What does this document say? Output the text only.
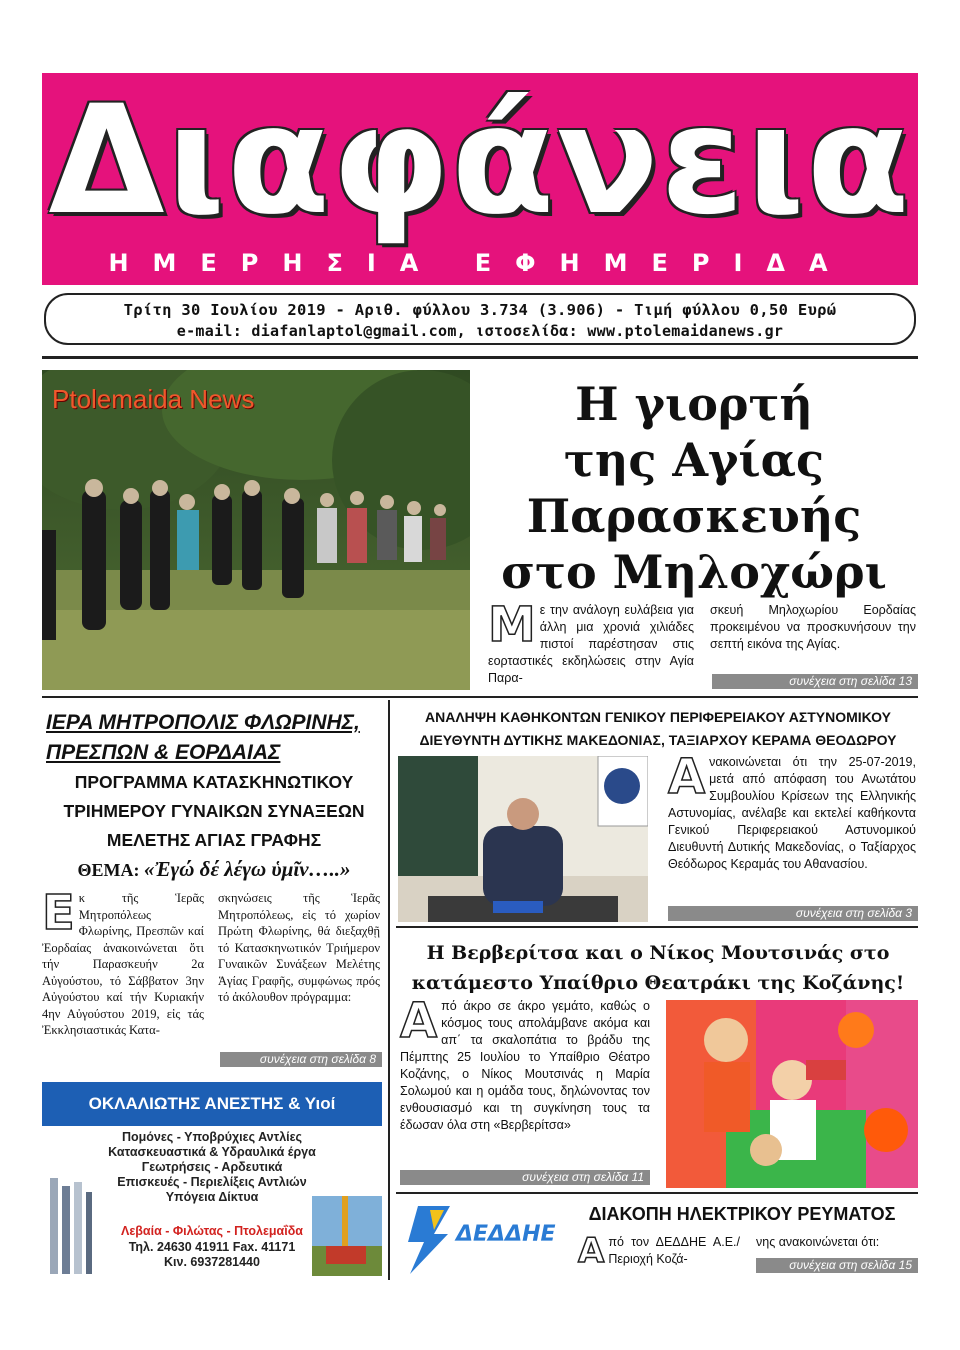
Διαφάνεια
ΗΜΕΡΗΣΙΑ ΕΦΗΜΕΡΙΔΑ
Τρίτη 30 Ιουλίου 2019 - Αριθ. φύλλου 3.734 (3.906) - Τιμή φύλλου 0,50 Ευρώ
e-mail: diafanlaptol@gmail.com, ιστοσελίδα: www.ptolemaidanews.gr
Ptolemaida News	Η γιορτή
της Αγίας
Παρασκευής
στο Μηλοχώρι
Με την ανάλογη ευλάβεια για άλλη μια χρονιά χιλιάδες πιστοί παρέστησαν στις εορταστικές εκδηλώσεις στην Αγία Παρα-
σκευή Μηλοχωρίου Εορδαίας προκειμένου να προσκυνήσουν την σεπτή εικόνα της Αγίας.
συνέχεια στη σελίδα 13
ΙΕΡΑ ΜΗΤΡΟΠΟΛΙΣ ΦΛΩΡΙΝΗΣ,
ΠΡΕΣΠΩΝ & ΕΟΡΔΑΙΑΣ
ΠΡΟΓΡΑΜΜΑ ΚΑΤΑΣΚΗΝΩΤΙΚΟΥ
ΤΡΙΗΜΕΡΟΥ ΓΥΝΑΙΚΩΝ ΣΥΝΑΞΕΩΝ
ΜΕΛΕΤΗΣ ΑΓΙΑΣ ΓΡΑΦΗΣ
ΘΕΜΑ: «Ἐγώ δέ λέγω ὑμῖν…..»
Εκ τῆς Ἱερᾶς Μητροπόλεως Φλωρίνης, Πρεσπῶν καί Ἐορδαίας ἀνακοινώνεται ὅτι τήν Παρασκευήν 2α Αὐγούστου, τό Σάββατον 3ην Αὐγούστου καί τήν Κυριακήν 4ην Αὐγούστου 2019, εἰς τάς Ἐκκλησιαστικάς Κατα-
σκηνώσεις τῆς Ἱερᾶς Μητροπόλεως, εἰς τό χωρίον Πρώτη Φλωρίνης, θά διεξαχθῇ τό Κατασκηνωτικόν Τριήμερον Γυναικῶν Συνάξεων Μελέτης Ἁγίας Γραφῆς, συμφώνως πρός τό ἀκόλουθον πρόγραμμα:
συνέχεια στη σελίδα 8
ΑΝΑΛΗΨΗ ΚΑΘΗΚΟΝΤΩΝ ΓΕΝΙΚΟΥ ΠΕΡΙΦΕΡΕΙΑΚΟΥ ΑΣΤΥΝΟΜΙΚΟΥ
ΔΙΕΥΘΥΝΤΗ ΔΥΤΙΚΗΣ ΜΑΚΕΔΟΝΙΑΣ, ΤΑΞΙΑΡΧΟΥ ΚΕΡΑΜΑ ΘΕΟΔΩΡΟΥ
Ανακοινώνεται ότι την 25-07-2019, μετά από απόφαση του Ανωτάτου Συμβουλίου Κρίσεων της Ελληνικής Αστυνομίας, ανέλαβε και εκτελεί καθήκοντα Γενικού Περιφερειακού Αστυνομικού Διευθυντή Δυτικής Μακεδονίας, ο Ταξίαρχος Θεόδωρος Κεραμάς του Αθανασίου.
συνέχεια στη σελίδα 3
Η Βερβερίτσα και ο Νίκος Μουτσινάς στο
κατάμεστο Υπαίθριο Θεατράκι της Κοζάνης!
Από άκρο σε άκρο γεμάτο, καθώς ο κόσμος τους απολάμβανε ακόμα και απ΄ τα σκαλοπάτια το βράδυ της Πέμπτης 25 Ιουλίου το Υπαίθριο Θέατρο Κοζάνης, ο Νίκος Μουτσινάς η Μαρία Σολωμού και η ομάδα τους, δηλώνοντας τον ενθουσιασμό και τη συγκίνηση τους τα έδωσαν όλα στη «Βερβερίτσα»
συνέχεια στη σελίδα 11
ΟΚΛΑΛΙΩΤΗΣ ΑΝΕΣΤΗΣ & Υιοί
Πομόνες - Υποβρύχιες Αντλίες
Κατασκευαστικά & Υδραυλικά έργα
Γεωτρήσεις - Αρδευτικά
Επισκευές - Περιελίξεις Αντλιών
Υπόγεια Δίκτυα
Λεβαία - Φιλώτας - Πτολεμαΐδα
Τηλ. 24630 41911 Fax. 41171
Κιν. 6937281440
ΔΕΔΔΗΕ
ΔΙΑΚΟΠΗ ΗΛΕΚΤΡΙΚΟΥ ΡΕΥΜΑΤΟΣ
Από τον ΔΕΔΔΗΕ Α.Ε./Περιοχή Κοζά-
νης ανακοινώνεται ότι:
συνέχεια στη σελίδα 15
